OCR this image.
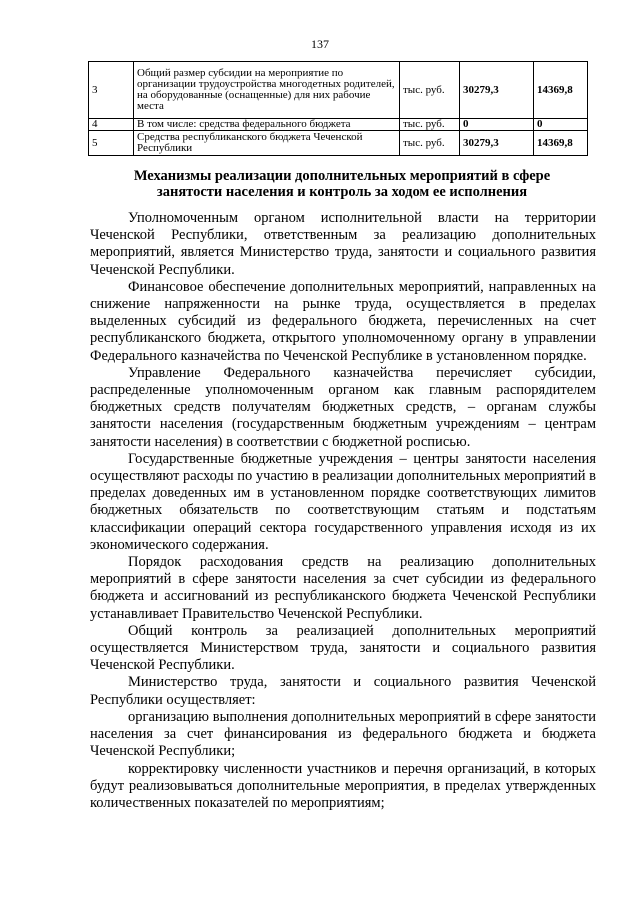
137
3	Общий размер субсидии на мероприятие по организации трудоустройства многодетных родителей, на оборудованные (оснащенные) для них рабочие места	тыс. руб.	30279,3	14369,8
4	В том числе: средства федерального бюджета	тыс. руб.	0	0
5	Средства республиканского бюджета Чеченской Республики	тыс. руб.	30279,3	14369,8
Механизмы реализации дополнительных мероприятий в сфере
занятости населения и контроль за ходом ее исполнения

Уполномоченным органом исполнительной власти на территории Чеченской Республики, ответственным за реализацию дополнительных мероприятий, является Министерство труда, занятости и социального развития Чеченской Республики.

Финансовое обеспечение дополнительных мероприятий, направленных на снижение напряженности на рынке труда, осуществляется в пределах выделенных субсидий из федерального бюджета, перечисленных на счет республиканского бюджета, открытого уполномоченному органу в управлении Федерального казначейства по Чеченской Республике в установленном порядке.

Управление Федерального казначейства перечисляет субсидии, распределенные уполномоченным органом как главным распорядителем бюджетных средств получателям бюджетных средств, – органам службы занятости населения (государственным бюджетным учреждениям – центрам занятости населения) в соответствии с бюджетной росписью.

Государственные бюджетные учреждения – центры занятости населения осуществляют расходы по участию в реализации дополнительных мероприятий в пределах доведенных им в установленном порядке соответствующих лимитов бюджетных обязательств по соответствующим статьям и подстатьям классификации операций сектора государственного управления исходя из их экономического содержания.

Порядок расходования средств на реализацию дополнительных мероприятий в сфере занятости населения за счет субсидии из федерального бюджета и ассигнований из республиканского бюджета Чеченской Республики устанавливает Правительство Чеченской Республики.

Общий контроль за реализацией дополнительных мероприятий осуществляется Министерством труда, занятости и социального развития Чеченской Республики.

Министерство труда, занятости и социального развития Чеченской Республики осуществляет:

организацию выполнения дополнительных мероприятий в сфере занятости населения за счет финансирования из федерального бюджета и бюджета Чеченской Республики;

корректировку численности участников и перечня организаций, в которых будут реализовываться дополнительные мероприятия, в пределах утвержденных количественных показателей по мероприятиям;
